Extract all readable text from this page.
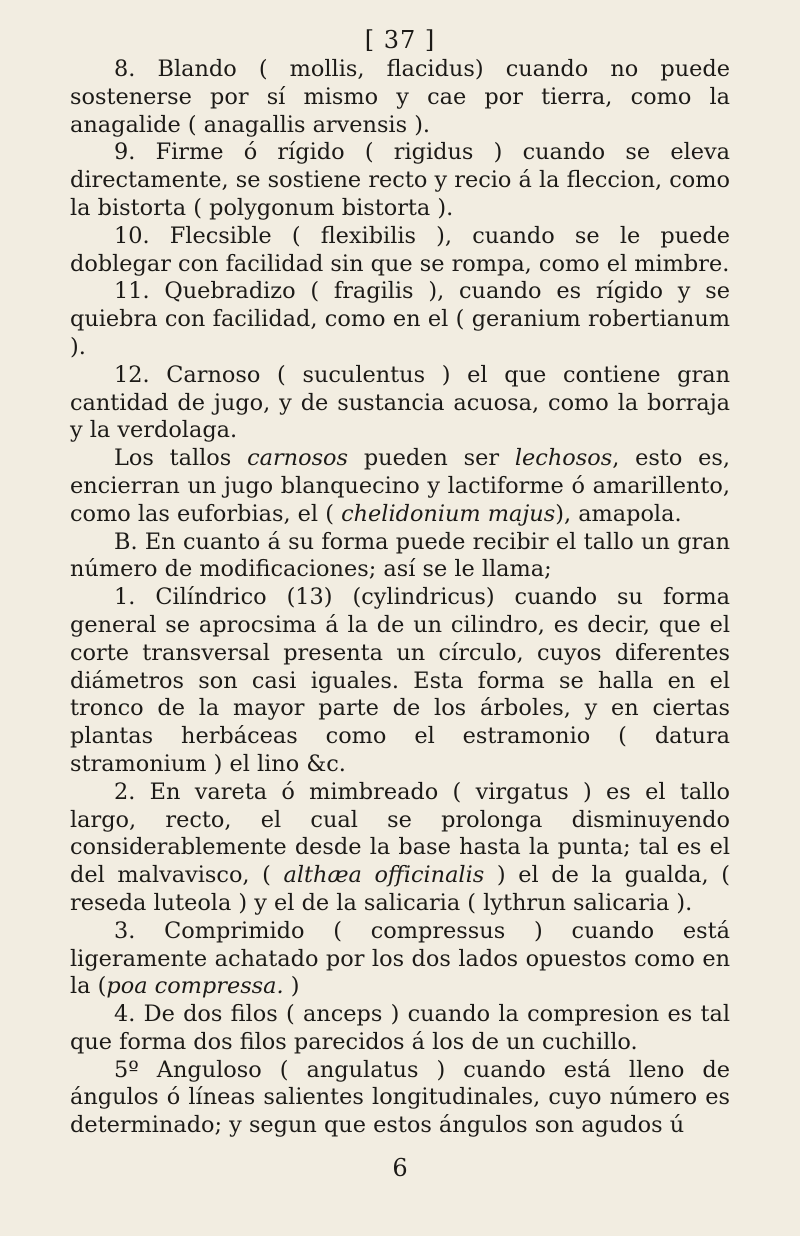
[ 37 ]

8. Blando ( mollis, flacidus) cuando no puede sostenerse por sí mismo y cae por tierra, como la anagalide ( anagallis arvensis ).

9. Firme ó rígido ( rigidus ) cuando se eleva directamente, se sostiene recto y recio á la fleccion, como la bistorta ( polygonum bistorta ).

10. Flecsible ( flexibilis ), cuando se le puede doblegar con facilidad sin que se rompa, como el mimbre.

11. Quebradizo ( fragilis ), cuando es rígido y se quiebra con facilidad, como en el ( geranium robertianum ).

12. Carnoso ( suculentus ) el que contiene gran cantidad de jugo, y de sustancia acuosa, como la borraja y la verdolaga.

Los tallos carnosos pueden ser lechosos, esto es, encierran un jugo blanquecino y lactiforme ó amarillento, como las euforbias, el ( chelidonium majus), amapola.

B. En cuanto á su forma puede recibir el tallo un gran número de modificaciones; así se le llama;

1. Cilíndrico (13) (cylindricus) cuando su forma general se aprocsima á la de un cilindro, es decir, que el corte transversal presenta un círculo, cuyos diferentes diámetros son casi iguales. Esta forma se halla en el tronco de la mayor parte de los árboles, y en ciertas plantas herbáceas como el estramonio ( datura stramonium ) el lino &c.

2. En vareta ó mimbreado ( virgatus ) es el tallo largo, recto, el cual se prolonga disminuyendo considerablemente desde la base hasta la punta; tal es el del malvavisco, ( althæa officinalis ) el de la gualda, ( reseda luteola ) y el de la salicaria ( lythrun salicaria ).

3. Comprimido ( compressus ) cuando está ligeramente achatado por los dos lados opuestos como en la (poa compressa. )

4. De dos filos ( anceps ) cuando la compresion es tal que forma dos filos parecidos á los de un cuchillo.

5º Anguloso ( angulatus ) cuando está lleno de ángulos ó líneas salientes longitudinales, cuyo número es determinado; y segun que estos ángulos son agudos ú

6
